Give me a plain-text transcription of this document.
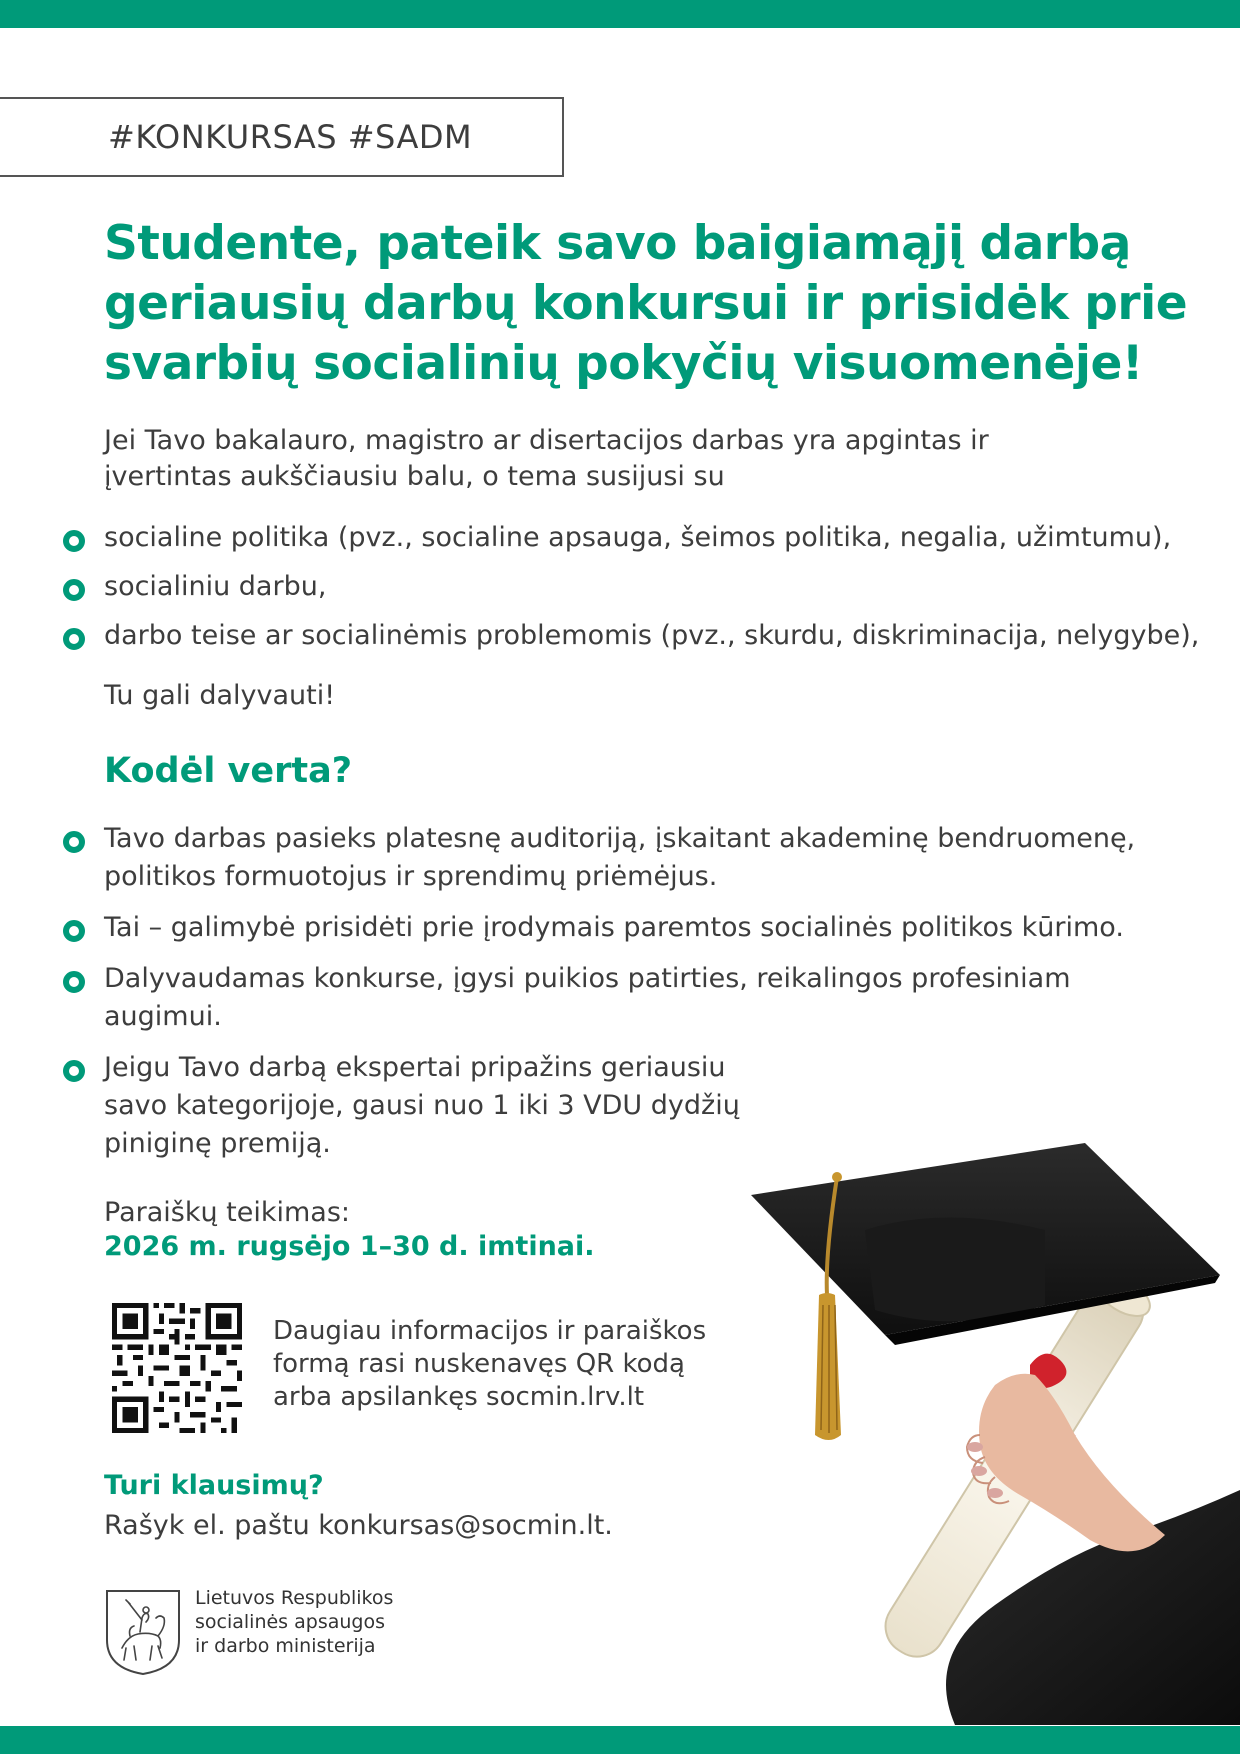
#KONKURSAS #SADM
Studente, pateik savo baigiamąjį darbą
geriausių darbų konkursui ir prisidėk prie
svarbių socialinių pokyčių visuomenėje!
Jei Tavo bakalauro, magistro ar disertacijos darbas yra apgintas ir
įvertintas aukščiausiu balu, o tema susijusi su
socialine politika (pvz., socialine apsauga, šeimos politika, negalia, užimtumu),
socialiniu darbu,
darbo teise ar socialinėmis problemomis (pvz., skurdu, diskriminacija, nelygybe),
Tu gali dalyvauti!
Kodėl verta?
Tavo darbas pasieks platesnę auditoriją, įskaitant akademinę bendruomenę,
politikos formuotojus ir sprendimų priėmėjus.
Tai – galimybė prisidėti prie įrodymais paremtos socialinės politikos kūrimo.
Dalyvaudamas konkurse, įgysi puikios patirties, reikalingos profesiniam
augimui.
Jeigu Tavo darbą ekspertai pripažins geriausiu
savo kategorijoje, gausi nuo 1 iki 3 VDU dydžių
piniginę premiją.
Paraiškų teikimas:
2026 m. rugsėjo 1–30 d. imtinai.
Daugiau informacijos ir paraiškos
formą rasi nuskenavęs QR kodą
arba apsilankęs socmin.lrv.lt
Turi klausimų?
Rašyk el. paštu konkursas@socmin.lt.
Lietuvos Respublikos
socialinės apsaugos
ir darbo ministerija
